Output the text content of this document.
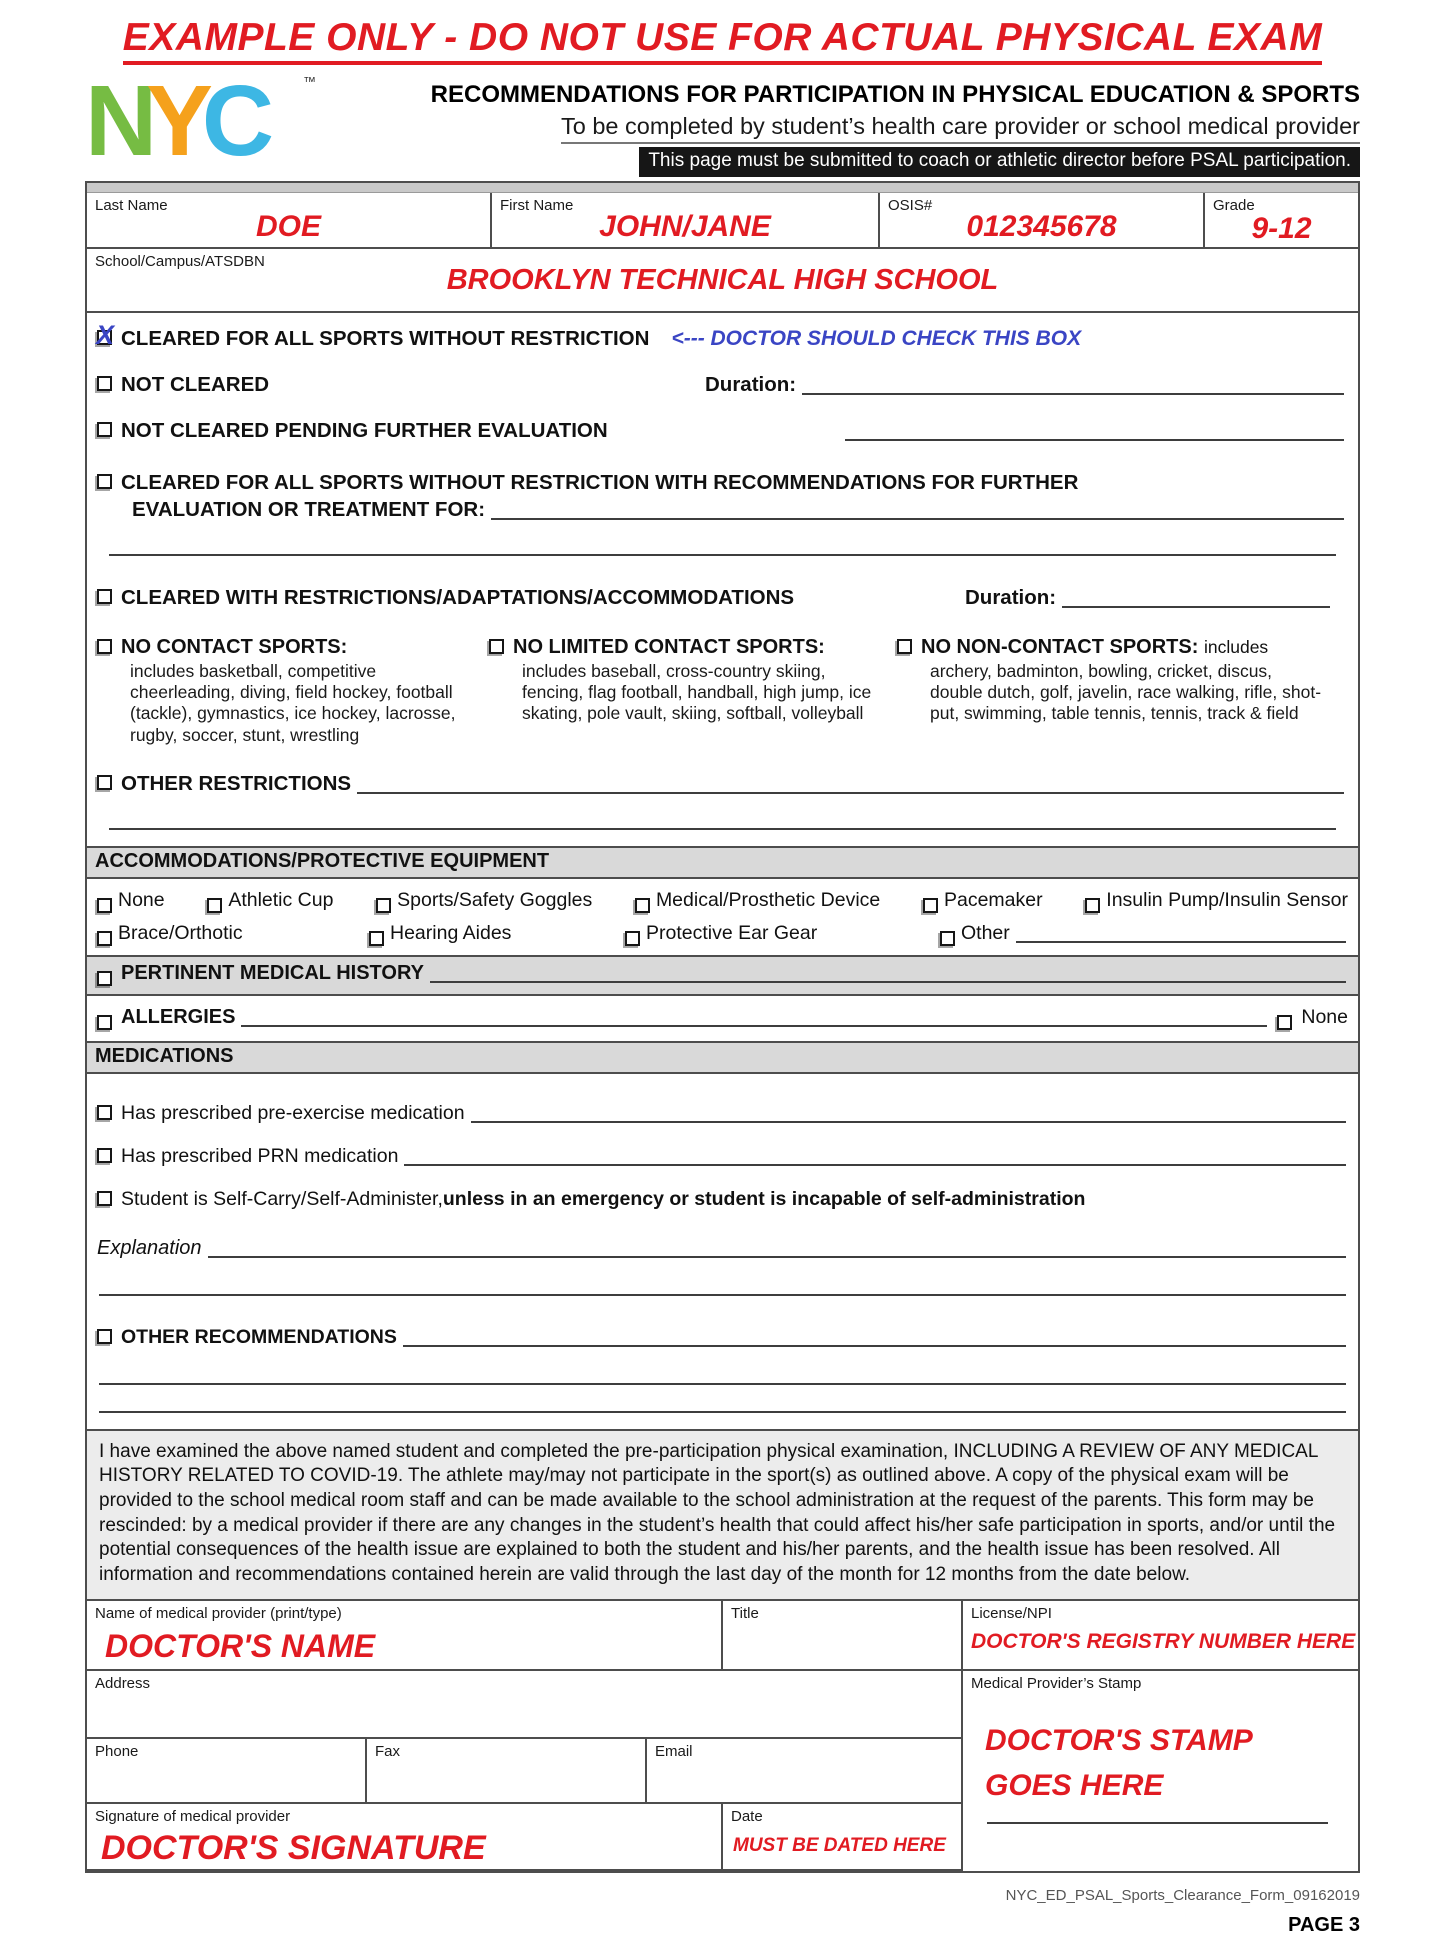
EXAMPLE ONLY - DO NOT USE FOR ACTUAL PHYSICAL EXAM
NYC	™	RECOMMENDATIONS FOR PARTICIPATION IN PHYSICAL EDUCATION & SPORTS
To be completed by student’s health care provider or school medical provider
This page must be submitted to coach or athletic director before PSAL participation.
Last Name
DOE
First Name
JOHN/JANE
OSIS#
012345678
Grade
9-12
School/Campus/ATSDBN
BROOKLYN TECHNICAL HIGH SCHOOL
X CLEARED FOR ALL SPORTS WITHOUT RESTRICTION <--- DOCTOR SHOULD CHECK THIS BOX
NOT CLEARED	Duration:
NOT CLEARED PENDING FURTHER EVALUATION
CLEARED FOR ALL SPORTS WITHOUT RESTRICTION WITH RECOMMENDATIONS FOR FURTHER
EVALUATION OR TREATMENT FOR:
CLEARED WITH RESTRICTIONS/ADAPTATIONS/ACCOMMODATIONS	Duration:
NO CONTACT SPORTS:
includes basketball, competitive cheerleading, diving, field hockey, football (tackle), gymnastics, ice hockey, lacrosse, rugby, soccer, stunt, wrestling
NO LIMITED CONTACT SPORTS:
includes baseball, cross-country skiing, fencing, flag football, handball, high jump, ice skating, pole vault, skiing, softball, volleyball
NO NON-CONTACT SPORTS: includes
archery, badminton, bowling, cricket, discus, double dutch, golf, javelin, race walking, rifle, shot-put, swimming, table tennis, tennis, track & field
OTHER RESTRICTIONS
ACCOMMODATIONS/PROTECTIVE EQUIPMENT
None	Athletic Cup	Sports/Safety Goggles	Medical/Prosthetic Device	Pacemaker	Insulin Pump/Insulin Sensor
Brace/Orthotic	Hearing Aides	Protective Ear Gear	Other
PERTINENT MEDICAL HISTORY
ALLERGIES	None
MEDICATIONS
Has prescribed pre-exercise medication
Has prescribed PRN medication
Student is Self-Carry/Self-Administer, unless in an emergency or student is incapable of self-administration
Explanation
OTHER RECOMMENDATIONS
I have examined the above named student and completed the pre-participation physical examination, INCLUDING A REVIEW OF ANY MEDICAL HISTORY RELATED TO COVID-19. The athlete may/may not participate in the sport(s) as outlined above. A copy of the physical exam will be provided to the school medical room staff and can be made available to the school administration at the request of the parents. This form may be rescinded: by a medical provider if there are any changes in the student’s health that could affect his/her safe participation in sports, and/or until the potential consequences of the health issue are explained to both the student and his/her parents, and the health issue has been resolved. All information and recommendations contained herein are valid through the last day of the month for 12 months from the date below.
Name of medical provider (print/type)
DOCTOR'S NAME
Title	License/NPI
DOCTOR'S REGISTRY NUMBER HERE
Address
Phone	Fax	Email
Signature of medical provider
DOCTOR'S SIGNATURE
Date
MUST BE DATED HERE
Medical Provider’s Stamp
DOCTOR'S STAMP
GOES HERE
NYC_ED_PSAL_Sports_Clearance_Form_09162019
PAGE 3
